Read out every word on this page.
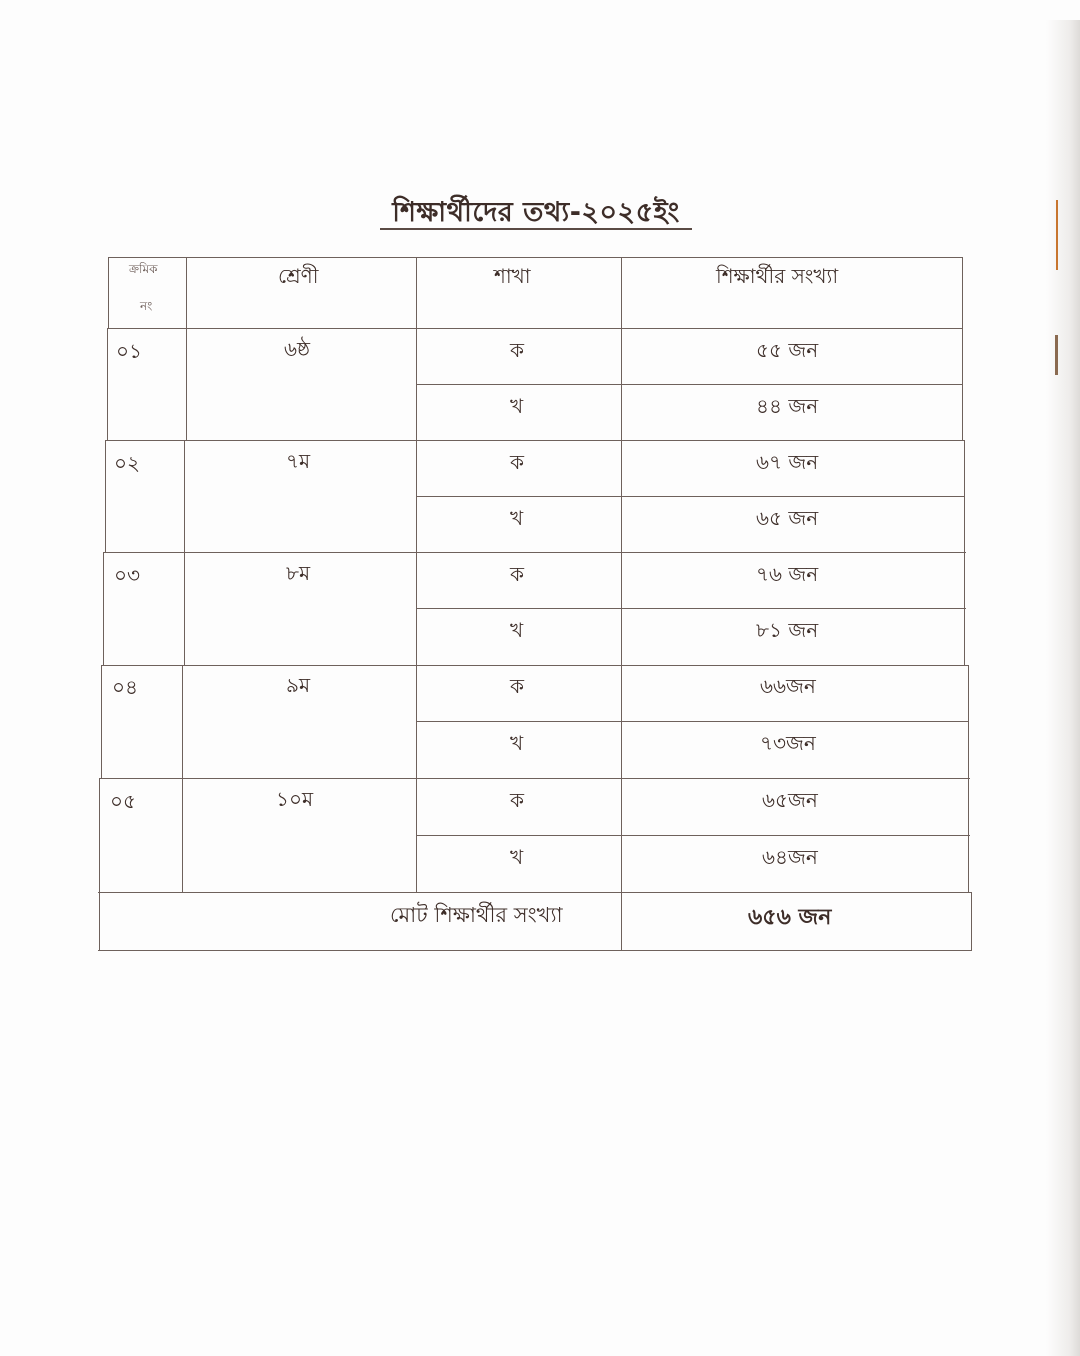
শিক্ষার্থীদের তথ্য-২০২৫ইং
ক্রমিক
নং
শ্রেণী	শাখা	শিক্ষার্থীর সংখ্যা
০১	৬ষ্ঠ	ক	৫৫ জন
খ	৪৪ জন
০২	৭ম	ক	৬৭ জন
খ	৬৫ জন
০৩	৮ম	ক	৭৬ জন
খ	৮১ জন
০৪	৯ম	ক	৬৬জন
খ	৭৩জন
০৫	১০ম	ক	৬৫জন
খ	৬৪জন
মোট শিক্ষার্থীর সংখ্যা	৬৫৬ জন
